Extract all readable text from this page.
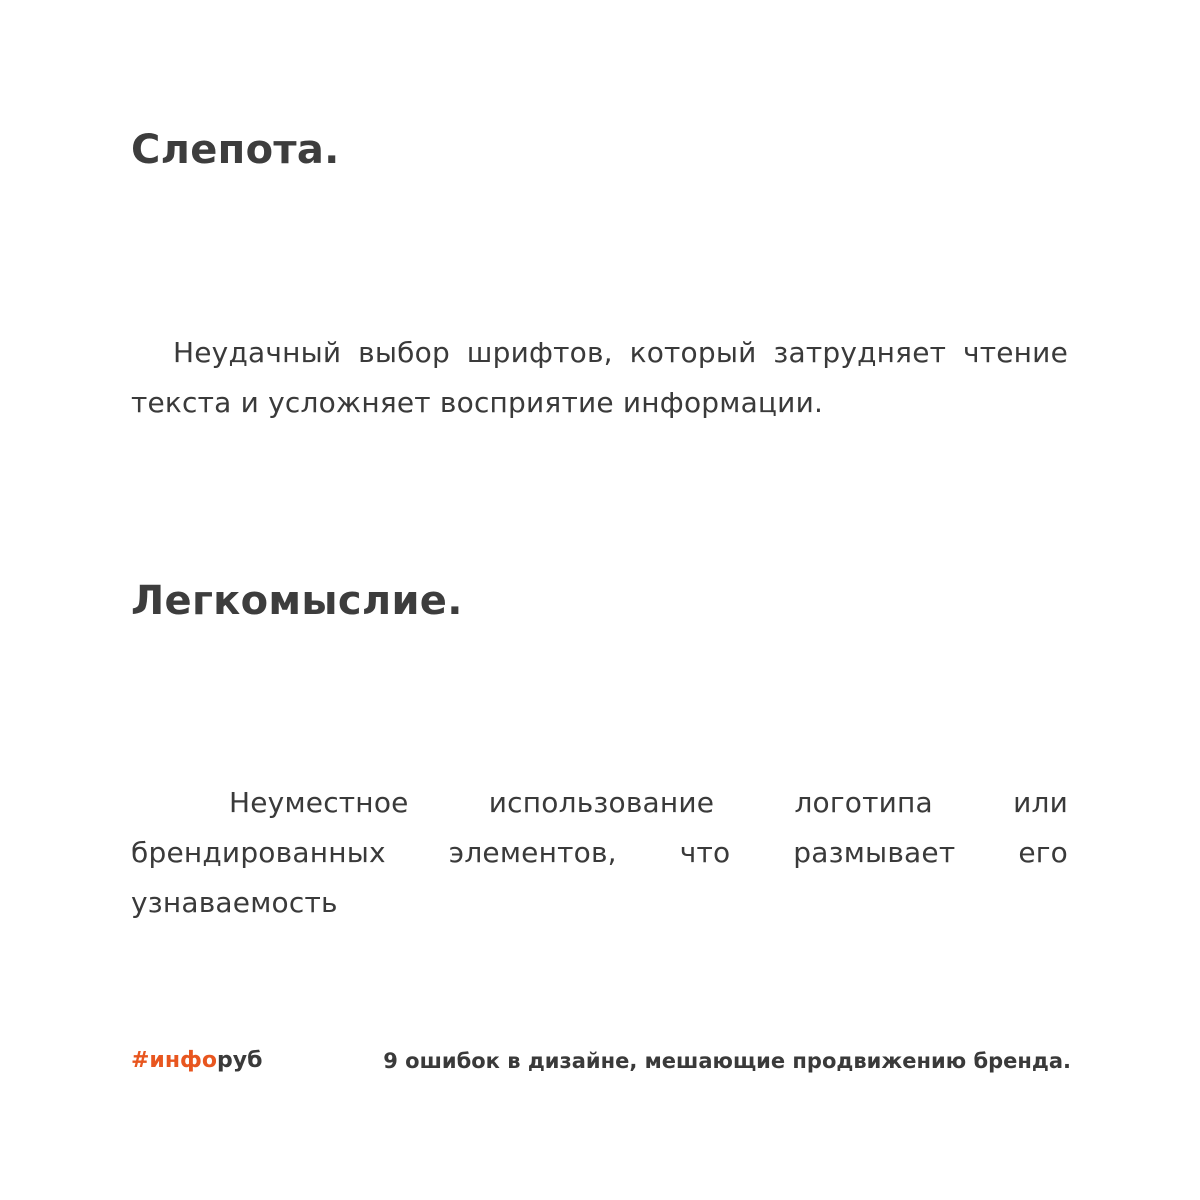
Слепота.

Неудачный выбор шрифтов, который затрудняет чтение текста и усложняет восприятие информации.

Легкомыслие.

Неуместное использование логотипа или брендированных элементов, что размывает его узнаваемость

#инфоруб	9 ошибок в дизайне, мешающие продвижению бренда.
